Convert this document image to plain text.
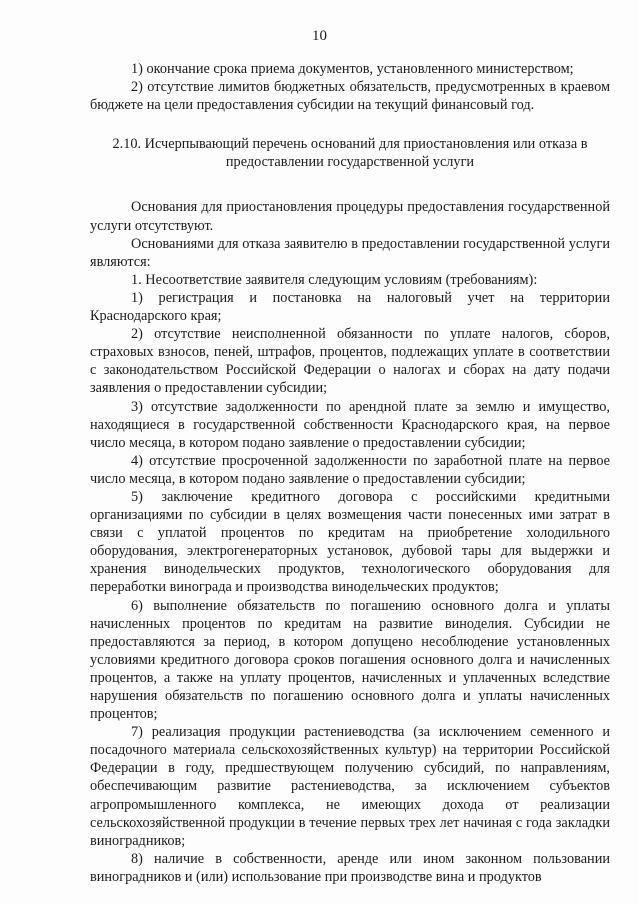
10

1) окончание срока приема документов, установленного министерством;

2) отсутствие лимитов бюджетных обязательств, предусмотренных в краевом бюджете на цели предоставления субсидии на текущий финансовый год.

2.10. Исчерпывающий перечень оснований для приостановления или отказа в предоставлении государственной услуги

Основания для приостановления процедуры предоставления государственной услуги отсутствуют.

Основаниями для отказа заявителю в предоставлении государственной услуги являются:

1. Несоответствие заявителя следующим условиям (требованиям):

1) регистрация и постановка на налоговый учет на территории Краснодарского края;

2) отсутствие неисполненной обязанности по уплате налогов, сборов, страховых взносов, пеней, штрафов, процентов, подлежащих уплате в соответствии с законодательством Российской Федерации о налогах и сборах на дату подачи заявления о предоставлении субсидии;

3) отсутствие задолженности по арендной плате за землю и имущество, находящиеся в государственной собственности Краснодарского края, на первое число месяца, в котором подано заявление о предоставлении субсидии;

4) отсутствие просроченной задолженности по заработной плате на первое число месяца, в котором подано заявление о предоставлении субсидии;

5) заключение кредитного договора с российскими кредитными организациями по субсидии в целях возмещения части понесенных ими затрат в связи с уплатой процентов по кредитам на приобретение холодильного оборудования, электрогенераторных установок, дубовой тары для выдержки и хранения винодельческих продуктов, технологического оборудования для переработки винограда и производства винодельческих продуктов;

6) выполнение обязательств по погашению основного долга и уплаты начисленных процентов по кредитам на развитие виноделия. Субсидии не предоставляются за период, в котором допущено несоблюдение установленных условиями кредитного договора сроков погашения основного долга и начисленных процентов, а также на уплату процентов, начисленных и уплаченных вследствие нарушения обязательств по погашению основного долга и уплаты начисленных процентов;

7) реализация продукции растениеводства (за исключением семенного и посадочного материала сельскохозяйственных культур) на территории Российской Федерации в году, предшествующем получению субсидий, по направлениям, обеспечивающим развитие растениеводства, за исключением субъектов агропромышленного комплекса, не имеющих дохода от реализации сельскохозяйственной продукции в течение первых трех лет начиная с года закладки виноградников;

8) наличие в собственности, аренде или ином законном пользовании виноградников и (или) использование при производстве вина и продуктов
